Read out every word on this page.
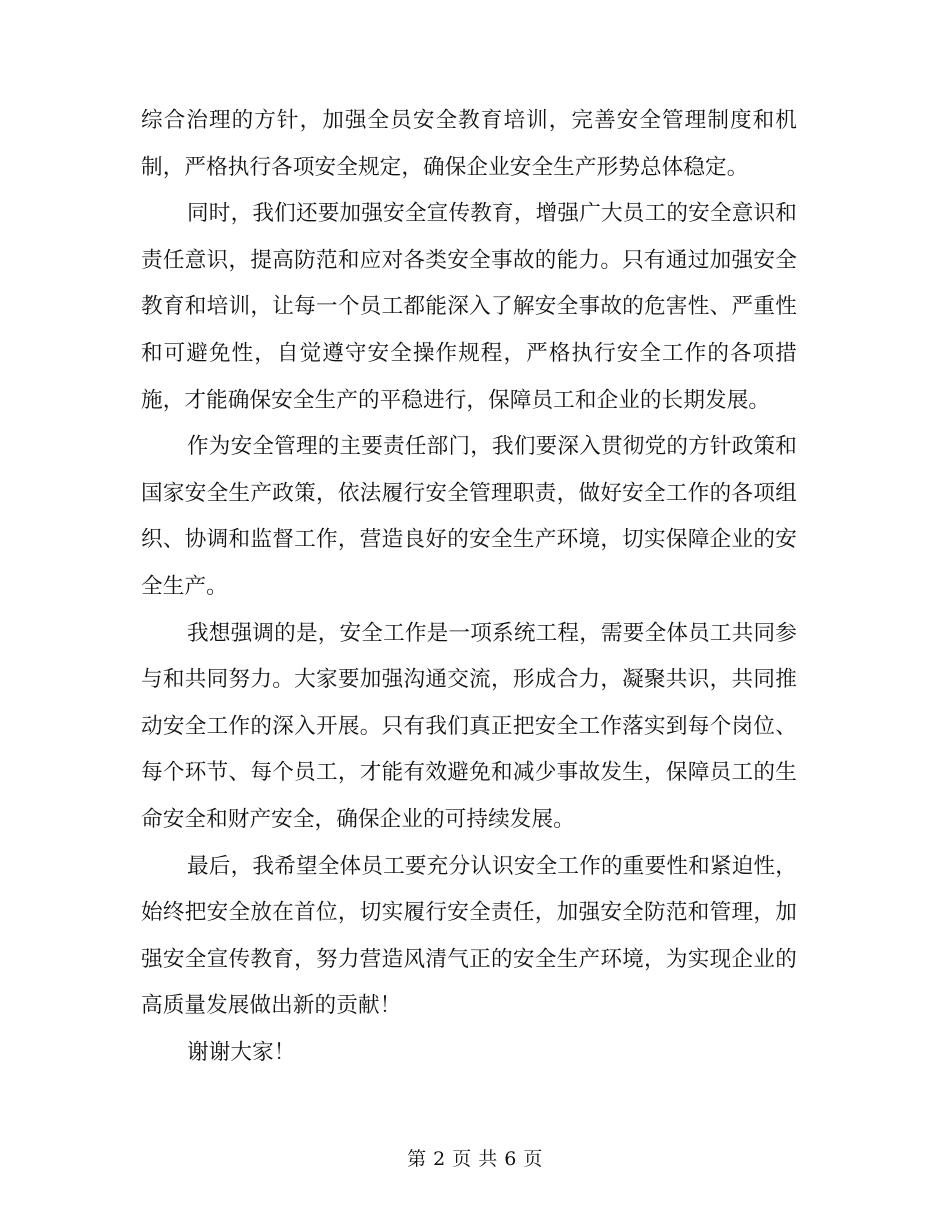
综合治理的方针，加强全员安全教育培训，完善安全管理制度和机制，严格执行各项安全规定，确保企业安全生产形势总体稳定。

同时，我们还要加强安全宣传教育，增强广大员工的安全意识和责任意识，提高防范和应对各类安全事故的能力。只有通过加强安全教育和培训，让每一个员工都能深入了解安全事故的危害性、严重性和可避免性，自觉遵守安全操作规程，严格执行安全工作的各项措施，才能确保安全生产的平稳进行，保障员工和企业的长期发展。

作为安全管理的主要责任部门，我们要深入贯彻党的方针政策和国家安全生产政策，依法履行安全管理职责，做好安全工作的各项组织、协调和监督工作，营造良好的安全生产环境，切实保障企业的安全生产。

我想强调的是，安全工作是一项系统工程，需要全体员工共同参与和共同努力。大家要加强沟通交流，形成合力，凝聚共识，共同推动安全工作的深入开展。只有我们真正把安全工作落实到每个岗位、每个环节、每个员工，才能有效避免和减少事故发生，保障员工的生命安全和财产安全，确保企业的可持续发展。

最后，我希望全体员工要充分认识安全工作的重要性和紧迫性，始终把安全放在首位，切实履行安全责任，加强安全防范和管理，加强安全宣传教育，努力营造风清气正的安全生产环境，为实现企业的高质量发展做出新的贡献！

谢谢大家！

第 2 页 共 6 页
